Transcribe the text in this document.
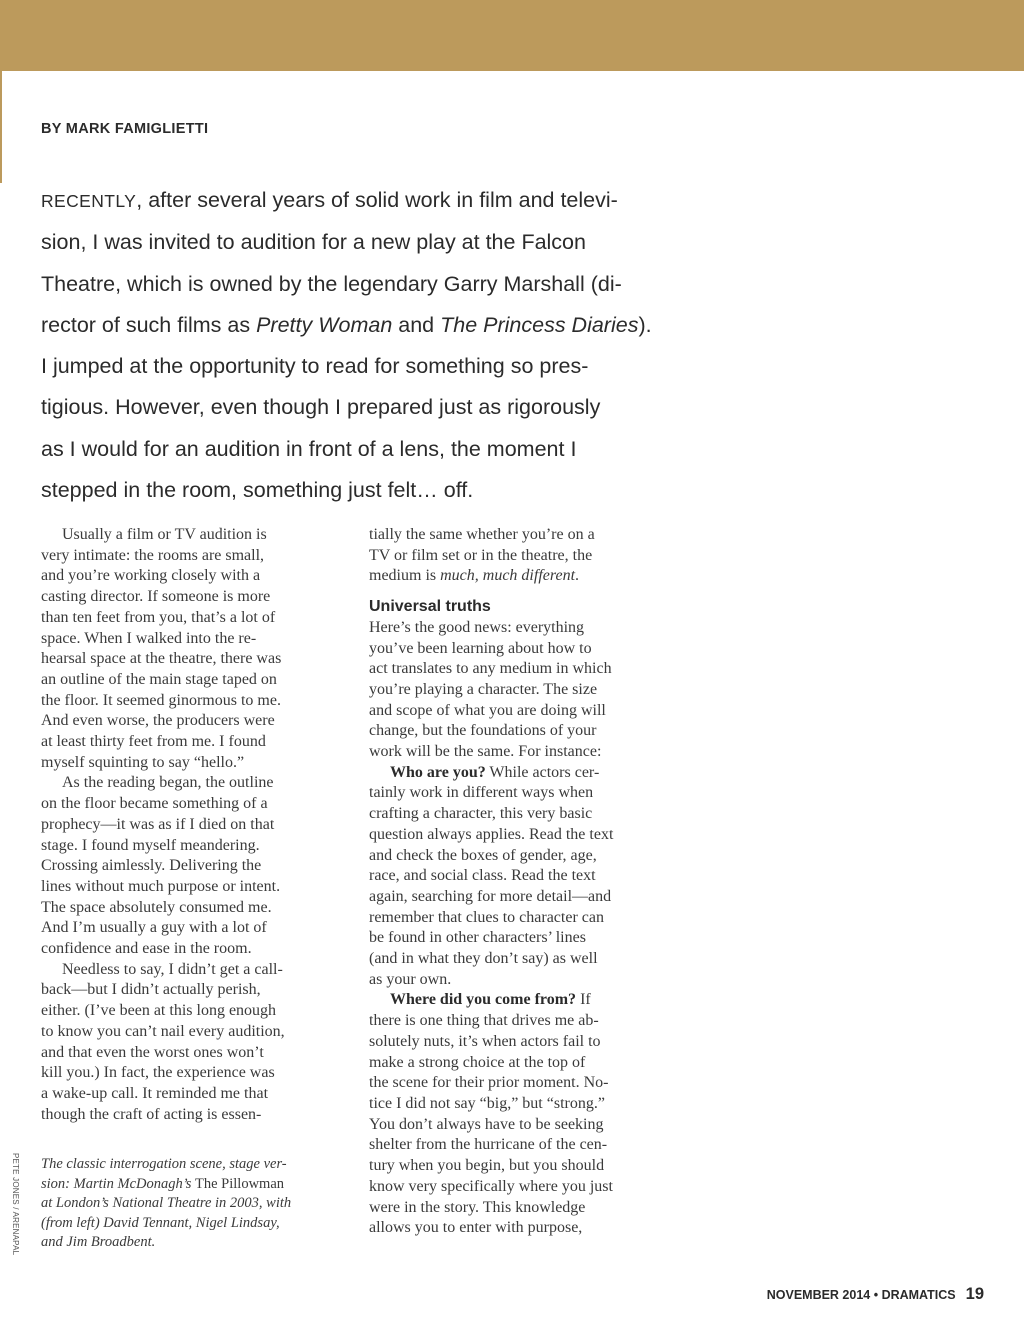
BY MARK FAMIGLIETTI
RECENTLY, after several years of solid work in film and televi-
sion, I was invited to audition for a new play at the Falcon
Theatre, which is owned by the legendary Garry Marshall (di-
rector of such films as Pretty Woman and The Princess Diaries).
I jumped at the opportunity to read for something so pres-
tigious. However, even though I prepared just as rigorously
as I would for an audition in front of a lens, the moment I
stepped in the room, something just felt… off.
Usually a film or TV audition is
very intimate: the rooms are small,
and you’re working closely with a
casting director. If someone is more
than ten feet from you, that’s a lot of
space. When I walked into the re-
hearsal space at the theatre, there was
an outline of the main stage taped on
the floor. It seemed ginormous to me.
And even worse, the producers were
at least thirty feet from me. I found
myself squinting to say “hello.”
As the reading began, the outline
on the floor became something of a
prophecy—it was as if I died on that
stage. I found myself meandering.
Crossing aimlessly. Delivering the
lines without much purpose or intent.
The space absolutely consumed me.
And I’m usually a guy with a lot of
confidence and ease in the room.
Needless to say, I didn’t get a call-
back—but I didn’t actually perish,
either. (I’ve been at this long enough
to know you can’t nail every audition,
and that even the worst ones won’t
kill you.) In fact, the experience was
a wake-up call. It reminded me that
though the craft of acting is essen-
tially the same whether you’re on a
TV or film set or in the theatre, the
medium is much, much different.
Universal truths
Here’s the good news: everything
you’ve been learning about how to
act translates to any medium in which
you’re playing a character. The size
and scope of what you are doing will
change, but the foundations of your
work will be the same. For instance:
Who are you? While actors cer-
tainly work in different ways when
crafting a character, this very basic
question always applies. Read the text
and check the boxes of gender, age,
race, and social class. Read the text
again, searching for more detail—and
remember that clues to character can
be found in other characters’ lines
(and in what they don’t say) as well
as your own.
Where did you come from? If
there is one thing that drives me ab-
solutely nuts, it’s when actors fail to
make a strong choice at the top of
the scene for their prior moment. No-
tice I did not say “big,” but “strong.”
You don’t always have to be seeking
shelter from the hurricane of the cen-
tury when you begin, but you should
know very specifically where you just
were in the story. This knowledge
allows you to enter with purpose,
The classic interrogation scene, stage ver-
sion: Martin McDonagh’s The Pillowman
at London’s National Theatre in 2003, with
(from left) David Tennant, Nigel Lindsay,
and Jim Broadbent.
PETE JONES / ARENAPAL
NOVEMBER 2014 • DRAMATICS 19
